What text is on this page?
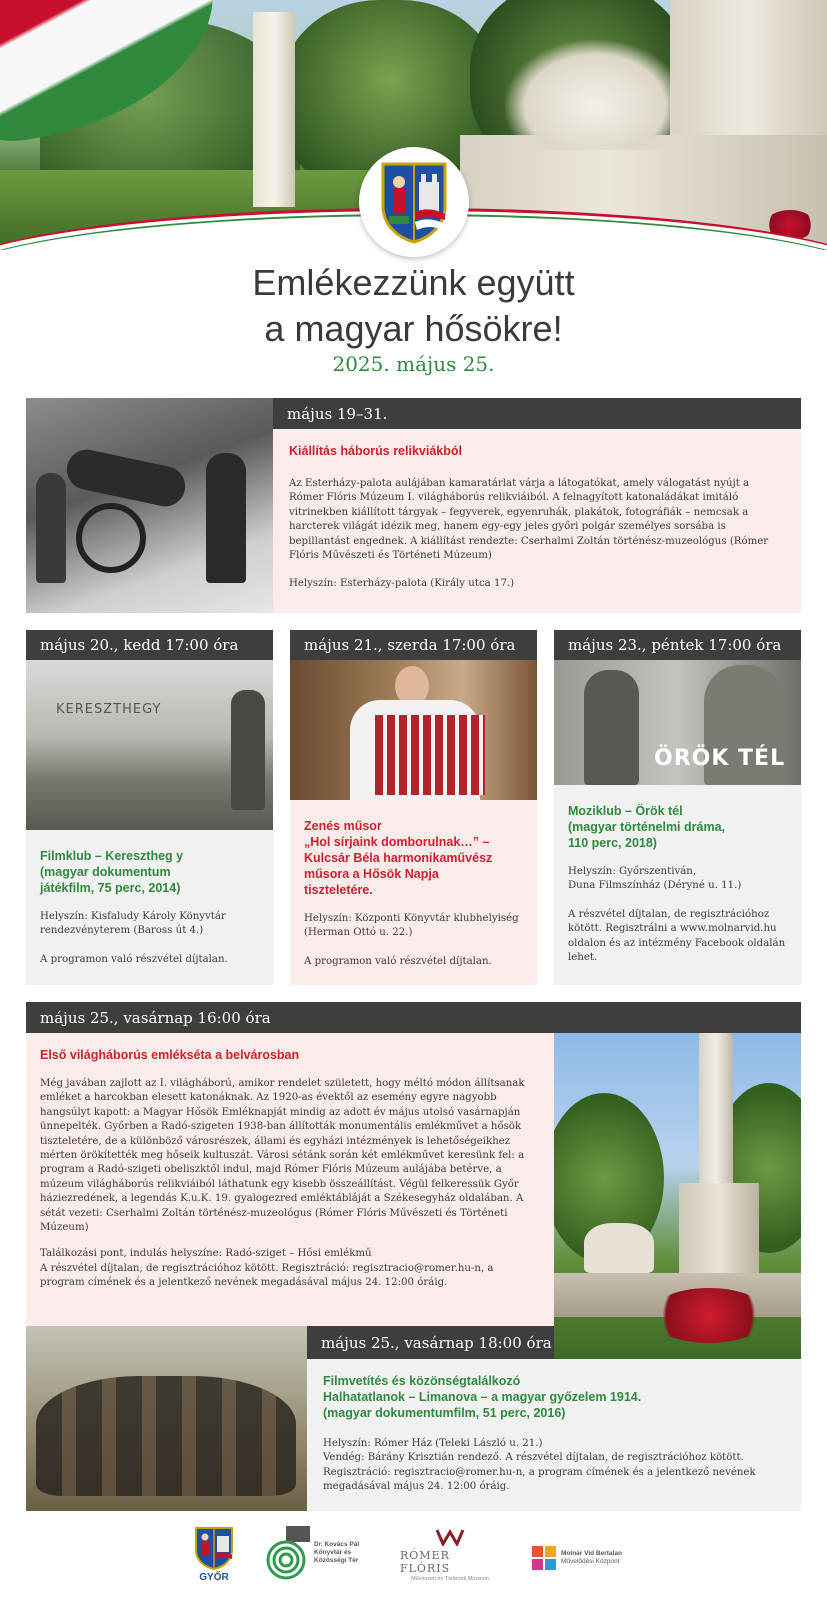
Emlékezzünk együtt
a magyar hősökre!
2025. május 25.
május 19–31.
Kiállítás háborús relikviákból
Az Esterházy-palota aulájában kamaratárlat várja a látogatókat, amely válogatást nyújt a Rómer Flóris Múzeum I. világháborús relikviáiból. A felnagyított katonaládákat imitáló vitrinekben kiállított tárgyak – fegyverek, egyenruhák, plakátok, fotográfiák – nemcsak a harcterek világát idézik meg, hanem egy-egy jeles győri polgár személyes sorsába is bepillantást engednek. A kiállítást rendezte: Cserhalmi Zoltán történész-muzeológus (Rómer Flóris Művészeti és Történeti Múzeum)
Helyszín: Esterházy-palota (Király utca 17.)
május 20., kedd 17:00 óra
KERESZTHEGY
Filmklub – Keresztheg y
(magyar dokumentum
játékfilm, 75 perc, 2014)
Helyszín: Kisfaludy Károly Könyvtár rendezvényterem (Baross út 4.)
A programon való részvétel díjtalan.
május 21., szerda 17:00 óra
Zenés műsor
„Hol sírjaink domborulnak…” –
Kulcsár Béla harmonikaművész
műsora a Hősök Napja
tiszteletére.
Helyszín: Központi Könyvtár klubhelyiség (Herman Ottó u. 22.)
A programon való részvétel díjtalan.
május 23., péntek 17:00 óra
ÖRÖK TÉL
Moziklub – Örök tél
(magyar történelmi dráma,
110 perc, 2018)
Helyszín: Győrszentiván,
Duna Filmszínház (Déryné u. 11.)
A részvétel díjtalan, de regisztrációhoz kötött. Regisztrálni a www.molnarvid.hu oldalon és az intézmény Facebook oldalán lehet.
május 25., vasárnap 16:00 óra
Első világháborús emlékséta a belvárosban
Még javában zajlott az I. világháború, amikor rendelet született, hogy méltó módon állítsanak emléket a harcokban elesett katonáknak. Az 1920-as évektől az esemény egyre nagyobb hangsúlyt kapott: a Magyar Hősök Emléknapját mindig az adott év május utolsó vasárnapján ünnepelték. Győrben a Radó-szigeten 1938-ban állították monumentális emlékművet a hősök tiszteletére, de a különböző városrészek, állami és egyházi intézmények is lehetőségeikhez mérten örökítették meg hőseik kultuszát. Városi sétánk során két emlékművet keresünk fel: a program a Radó-szigeti obeliszktől indul, majd Rómer Flóris Múzeum aulájába betérve, a múzeum világháborús relikviáiból láthatunk egy kisebb összeállítást. Végül felkeressük Győr háziezredének, a legendás K.u.K. 19. gyalogezred emléktábláját a Székesegyház oldalában. A sétát vezeti: Cserhalmi Zoltán történész-muzeológus (Rómer Flóris Művészeti és Történeti Múzeum)
Találkozási pont, indulás helyszíne: Radó-sziget – Hősi emlékmű
A részvétel díjtalan, de regisztrációhoz kötött. Regisztráció: regisztracio@romer.hu-n, a program címének és a jelentkező nevének megadásával május 24. 12:00 óráig.
május 25., vasárnap 18:00 óra
Filmvetítés és közönségtalálkozó
Halhatatlanok – Limanova – a magyar győzelem 1914.
(magyar dokumentumfilm, 51 perc, 2016)
Helyszín: Rómer Ház (Teleki László u. 21.)
Vendég: Bárány Krisztián rendező. A részvétel díjtalan, de regisztrációhoz kötött.
Regisztráció: regisztracio@romer.hu-n, a program címének és a jelentkező nevének megadásával május 24. 12:00 óráig.
GYŐR
Dr. Kovács Pál
Könyvtár és
Közösségi Tér	RÓMER FLÓRIS
Művészeti és Történeti Múzeum
Molnár Vid Bertalan
Művelődési Központ
